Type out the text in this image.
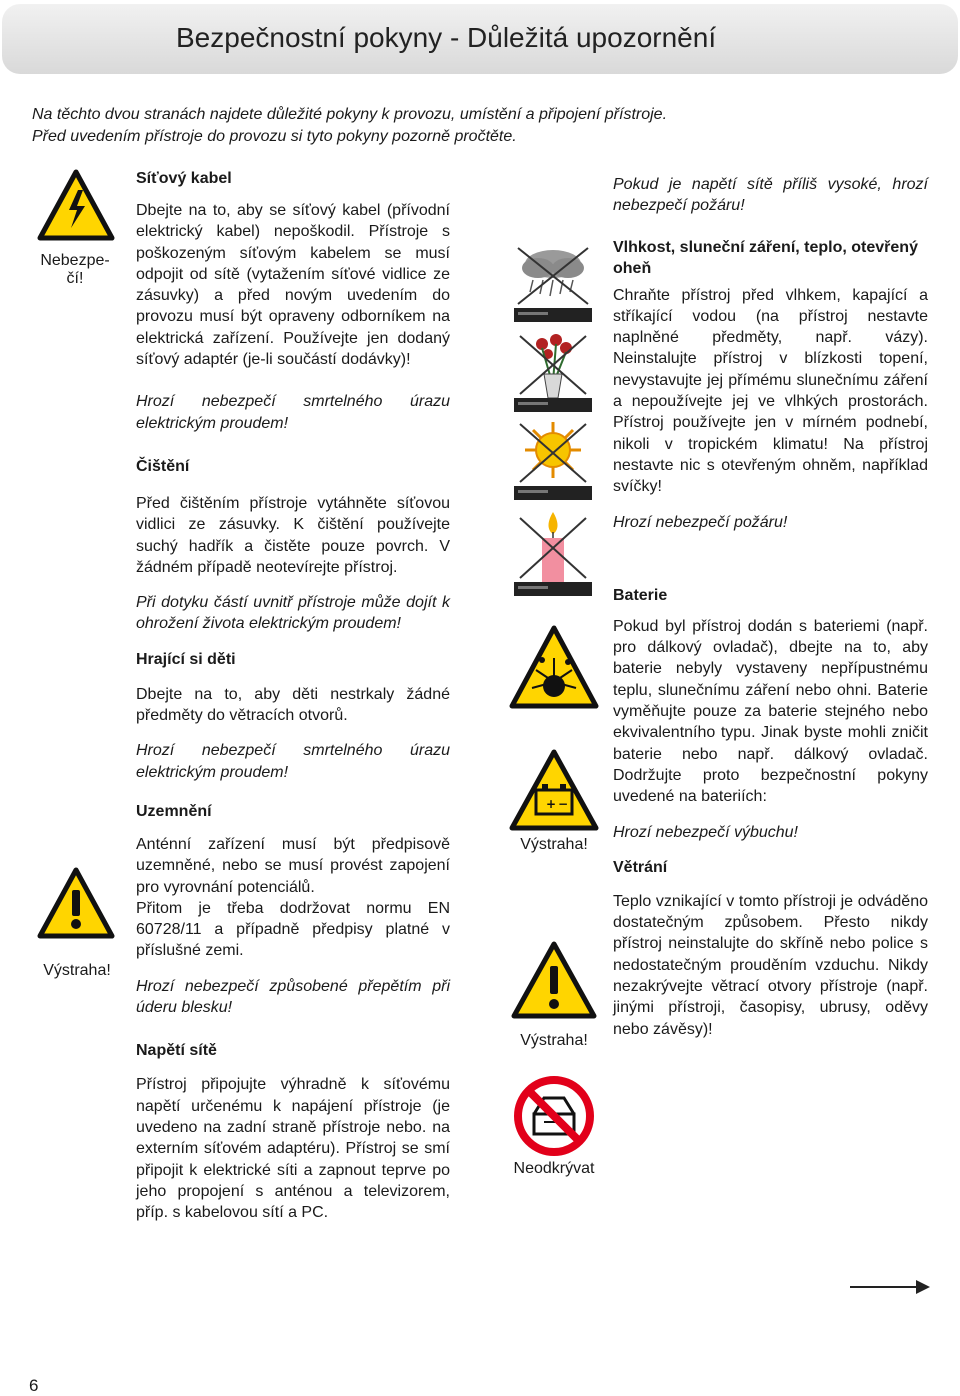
Bezpečnostní pokyny - Důležitá upozornění
Na těchto dvou stranách najdete důležité pokyny k provozu, umístění a připojení přístroje.
Před uvedením přístroje do provozu si tyto pokyny pozorně pročtěte.
Nebezpe-
čí!
Výstraha!
+ −
Výstraha!
Výstraha!
Neodkrývat
Síťový kabel

Dbejte na to, aby se síťový kabel (přívodní elektrický kabel) nepoškodil. Přístroje s poškozeným síťovým kabelem se musí odpojit od sítě (vytažením síťové vidlice ze zásuvky) a před novým uvedením do provozu musí být opraveny odborníkem na elektrická zařízení. Používejte jen dodaný síťový adaptér (je-li součástí dodávky)!

Hrozí nebezpečí smrtelného úrazu elektrickým proudem!

Čištění

Před čištěním přístroje vytáhněte síťovou vidlici ze zásuvky. K čištění používejte suchý hadřík a čistěte pouze povrch. V žádném případě neotevírejte přístroj.

Při dotyku částí uvnitř přístroje může dojít k ohrožení života elektrickým proudem!

Hrající si děti

Dbejte na to, aby děti nestrkaly žádné předměty do větracích otvorů.

Hrozí nebezpečí smrtelného úrazu elektrickým proudem!

Uzemnění

Anténní zařízení musí být předpisově uzemněné, nebo se musí provést zapojení pro vyrovnání potenciálů.

Přitom je třeba dodržovat normu EN 60728/11 a případně předpisy platné v příslušné zemi.

Hrozí nebezpečí způsobené přepětím při úderu blesku!

Napětí sítě

Přístroj připojujte výhradně k síťovému napětí určenému k napájení přístroje (je uvedeno na zadní straně přístroje nebo. na externím síťovém adaptéru). Přístroj se smí připojit k elektrické síti a zapnout teprve po jeho propojení s anténou a televizorem, příp. s kabelovou sítí a PC.

Pokud je napětí sítě příliš vysoké, hrozí nebezpečí požáru!

Vlhkost, sluneční záření, teplo, otevřený oheň

Chraňte přístroj před vlhkem, kapající a stříkající vodou (na přístroj nestavte naplněné předměty, např. vázy). Neinstalujte přístroj v blízkosti topení, nevystavujte jej přímému slunečnímu záření a nepoužívejte jej ve vlhkých prostorách. Přístroj používejte jen v mírném podnebí, nikoli v tropickém klimatu! Na přístroj nestavte nic s otevřeným ohněm, například svíčky!

Hrozí nebezpečí požáru!

Baterie

Pokud byl přístroj dodán s bateriemi (např. pro dálkový ovladač), dbejte na to, aby baterie nebyly vystaveny nepřípustnému teplu, slunečnímu záření nebo ohni. Baterie vyměňujte pouze za baterie stejného nebo ekvivalentního typu. Jinak byste mohli zničit baterie nebo např. dálkový ovladač. Dodržujte proto bezpečnostní pokyny uvedené na bateriích:

Hrozí nebezpečí výbuchu!

Větrání

Teplo vznikající v tomto přístroji je odváděno dostatečným způsobem. Přesto nikdy přístroj neinstalujte do skříně nebo police s nedostatečným prouděním vzduchu. Nikdy nezakrývejte větrací otvory přístroje (např. jinými přístroji, časopisy, ubrusy, oděvy nebo závěsy)!

6
